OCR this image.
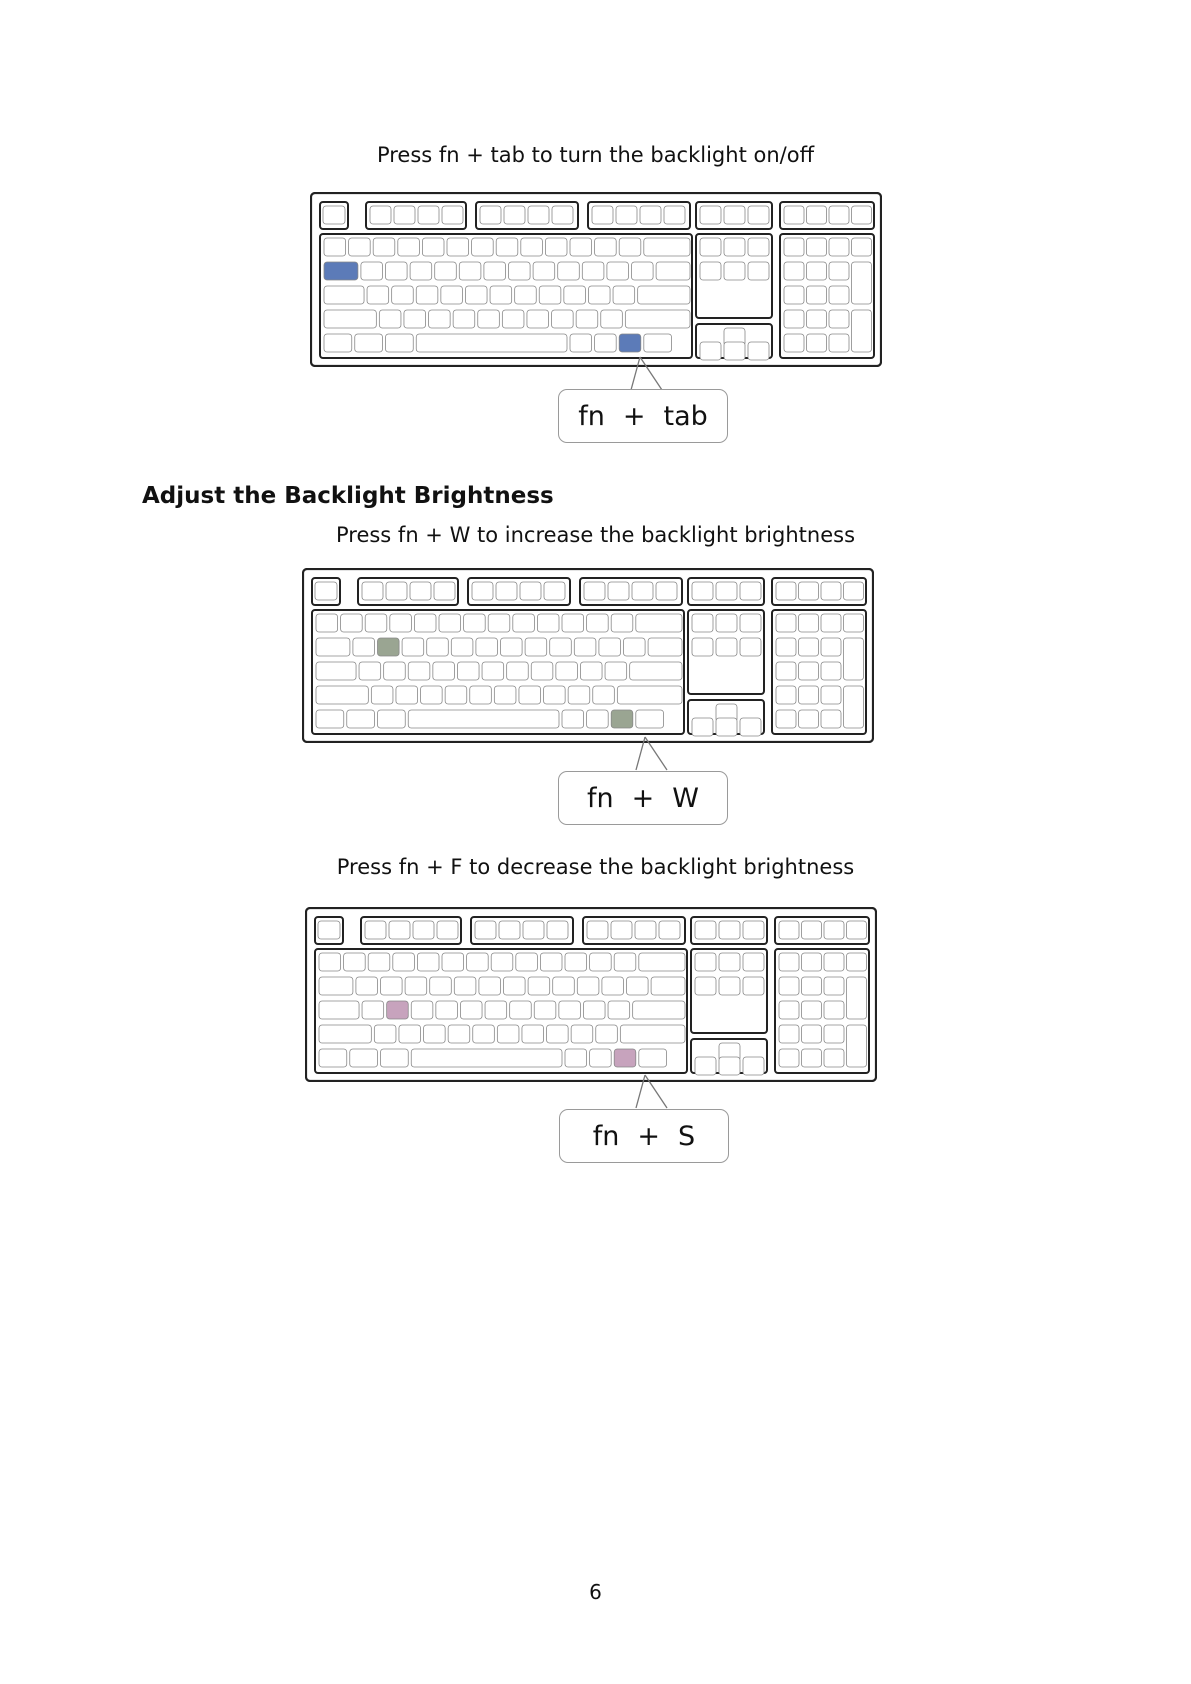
Press fn + tab to turn the backlight on/off
fn + tab
Adjust the Backlight Brightness
Press fn + W to increase the backlight brightness
fn + W
Press fn + F to decrease the backlight brightness
fn + S
6
